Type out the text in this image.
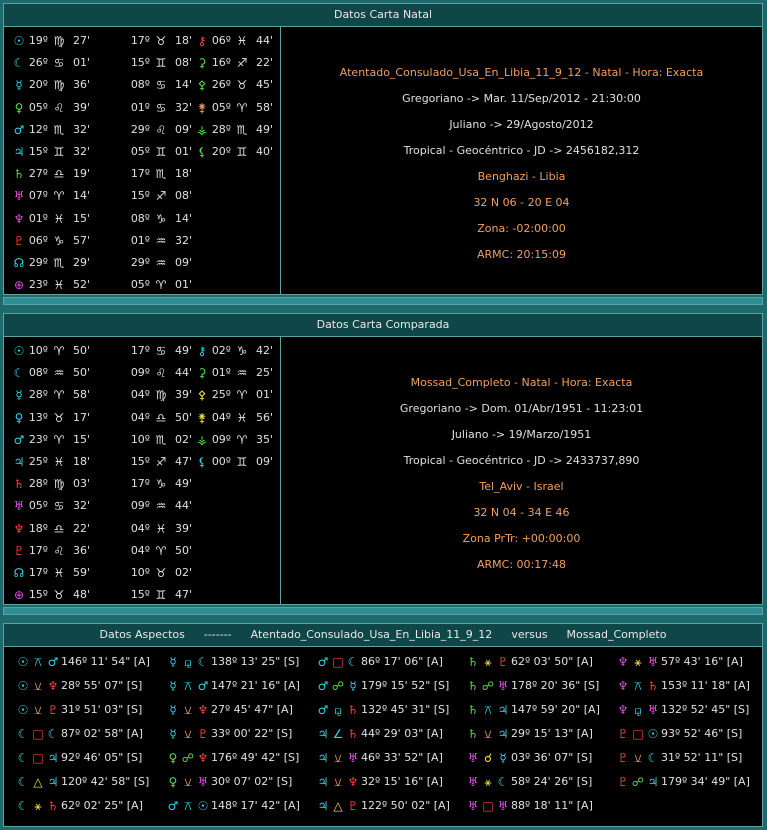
Datos Carta Natal
☉ 19º ♍ 27'	17º ♉ 18' ⚷ 06º ♓ 44'
☾ 26º ♋ 01'	15º ♊ 08' ⚳ 16º ♐ 22'
☿ 20º ♍ 36'	08º ♋ 14' ⚴ 26º ♉ 45'
♀ 05º ♌ 39'	01º ♋ 32' ⚵ 05º ♈ 58'
♂ 12º ♏ 32'	29º ♌ 09' ⚶ 28º ♏ 49'
♃ 15º ♊ 32'	05º ♊ 01' ⚸ 20º ♊ 40'
♄ 27º ♎ 19'	17º ♏ 18'
♅ 07º ♈ 14'	15º ♐ 08'
♆ 01º ♓ 15'	08º ♑ 14'
♇ 06º ♑ 57'	01º ♒ 32'
☊ 29º ♏ 29'	29º ♒ 09'
⊕ 23º ♓ 52'	05º ♈ 01'
Atentado_Consulado_Usa_En_Libia_11_9_12 - Natal - Hora: Exacta
Gregoriano -> Mar. 11/Sep/2012 - 21:30:00
Juliano -> 29/Agosto/2012
Tropical - Geocéntrico - JD -> 2456182,312
Benghazi - Libia
32 N 06 - 20 E 04
Zona: -02:00:00
ARMC: 20:15:09
Datos Carta Comparada
☉ 10º ♈ 50'	17º ♋ 49' ⚷ 02º ♑ 42'
☾ 08º ♒ 50'	09º ♌ 44' ⚳ 01º ♒ 25'
☿ 28º ♈ 58'	04º ♍ 39' ⚴ 25º ♈ 01'
♀ 13º ♉ 17'	04º ♎ 50' ⚵ 04º ♓ 56'
♂ 23º ♈ 15'	10º ♏ 02' ⚶ 09º ♈ 35'
♃ 25º ♓ 18'	15º ♐ 47' ⚸ 00º ♊ 09'
♄ 28º ♍ 03'	17º ♑ 49'
♅ 05º ♋ 32'	09º ♒ 44'
♆ 18º ♎ 22'	04º ♓ 39'
♇ 17º ♌ 36'	04º ♈ 50'
☊ 17º ♓ 59'	10º ♉ 02'
⊕ 15º ♉ 48'	15º ♊ 47'
Mossad_Completo - Natal - Hora: Exacta
Gregoriano -> Dom. 01/Abr/1951 - 11:23:01
Juliano -> 19/Marzo/1951
Tropical - Geocéntrico - JD -> 2433737,890
Tel_Aviv - Israel
32 N 04 - 34 E 46
Zona PrTr: +00:00:00
ARMC: 00:17:48
Datos Aspectos ------- Atentado_Consulado_Usa_En_Libia_11_9_12 versus Mossad_Completo
☉ ⚻ ♂ 146º 11' 54" [A]
☉ ⚺ ♆ 28º 55' 07" [S]
☉ ⚺ ♇ 31º 51' 03" [S]
☾ □ ☾ 87º 02' 58" [A]
☾ □ ♃ 92º 46' 05" [S]
☾ △ ♃ 120º 42' 58" [S]
☾ ⚹ ♄ 62º 02' 25" [A]
☿ ⚼ ☾ 138º 13' 25" [S]
☿ ⚻ ♂ 147º 21' 16" [A]
☿ ⚺ ♆ 27º 45' 47" [A]
☿ ⚺ ♇ 33º 00' 22" [S]
♀ ☍ ♆ 176º 49' 42" [S]
♀ ⚺ ♅ 30º 07' 02" [S]
♂ ⚻ ☉ 148º 17' 42" [A]
♂ □ ☾ 86º 17' 06" [A]
♂ ☍ ☿ 179º 15' 52" [S]
♂ ⚼ ♄ 132º 45' 31" [S]
♃ ∠ ♄ 44º 29' 03" [A]
♃ ⚺ ♅ 46º 33' 52" [A]
♃ ⚺ ♆ 32º 15' 16" [A]
♃ △ ♇ 122º 50' 02" [A]
♄ ⚹ ♇ 62º 03' 50" [A]
♄ ☍ ♅ 178º 20' 36" [S]
♄ ⚻ ♃ 147º 59' 20" [A]
♄ ⚺ ♃ 29º 15' 13" [A]
♅ ☌ ☿ 03º 36' 07" [S]
♅ ⚹ ☾ 58º 24' 26" [S]
♅ □ ♅ 88º 18' 11" [A]
♆ ⚹ ♅ 57º 43' 16" [A]
♆ ⚻ ♄ 153º 11' 18" [A]
♆ ⚼ ♅ 132º 52' 45" [S]
♇ □ ☉ 93º 52' 46" [S]
♇ ⚺ ☾ 31º 52' 11" [S]
♇ ☍ ♃ 179º 34' 49" [A]
